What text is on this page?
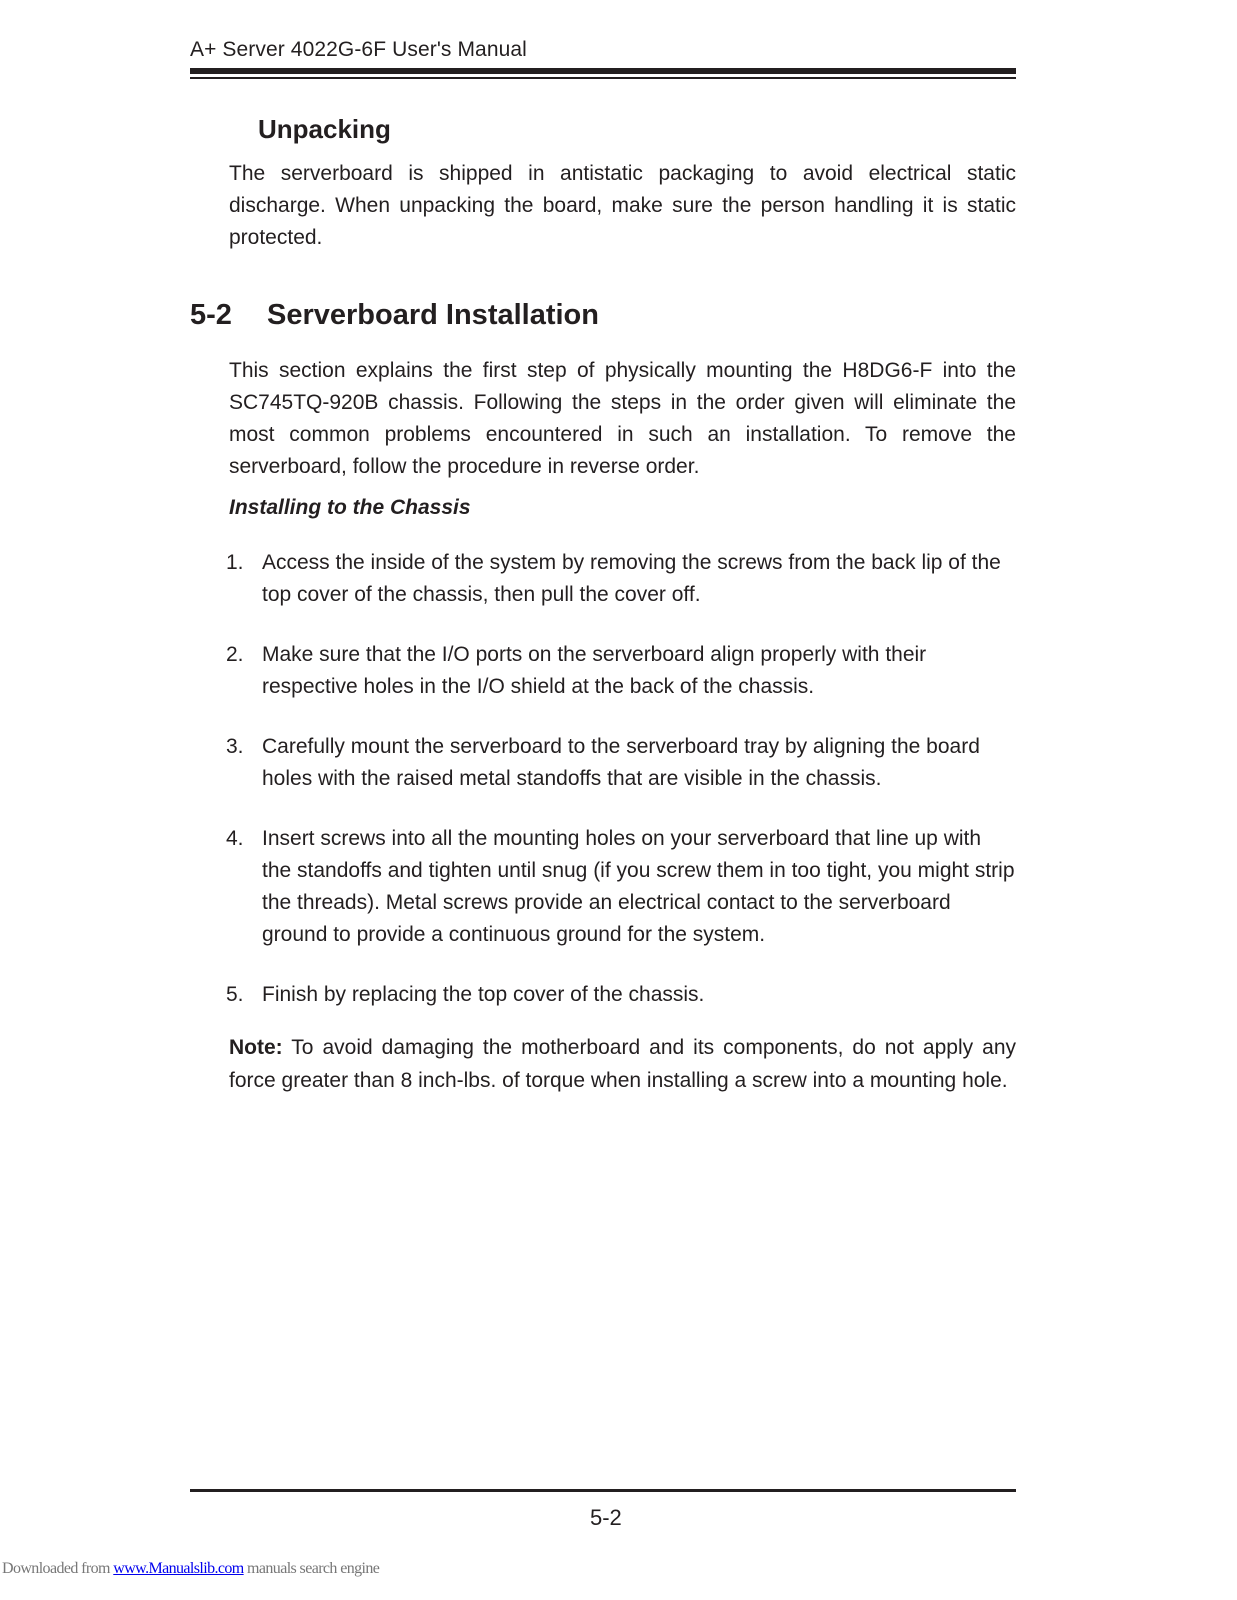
A+ Server 4022G-6F User's Manual
Unpacking

The serverboard is shipped in antistatic packaging to avoid electrical static discharge. When unpacking the board, make sure the person handling it is static protected.

5-2	Serverboard Installation

This section explains the first step of physically mounting the H8DG6-F into the SC745TQ-920B chassis. Following the steps in the order given will eliminate the most common problems encountered in such an installation. To remove the serverboard, follow the procedure in reverse order.

Installing to the Chassis
1. Access the inside of the system by removing the screws from the back lip of the top cover of the chassis, then pull the cover off.
2. Make sure that the I/O ports on the serverboard align properly with their respective holes in the I/O shield at the back of the chassis.
3. Carefully mount the serverboard to the serverboard tray by aligning the board holes with the raised metal standoffs that are visible in the chassis.
4. Insert screws into all the mounting holes on your serverboard that line up with the standoffs and tighten until snug (if you screw them in too tight, you might strip the threads). Metal screws provide an electrical contact to the serverboard ground to provide a continuous ground for the system.
5. Finish by replacing the top cover of the chassis.

Note: To avoid damaging the motherboard and its components, do not apply any force greater than 8 inch-lbs. of torque when installing a screw into a mounting hole.

5-2
Downloaded from www.Manualslib.com manuals search engine
